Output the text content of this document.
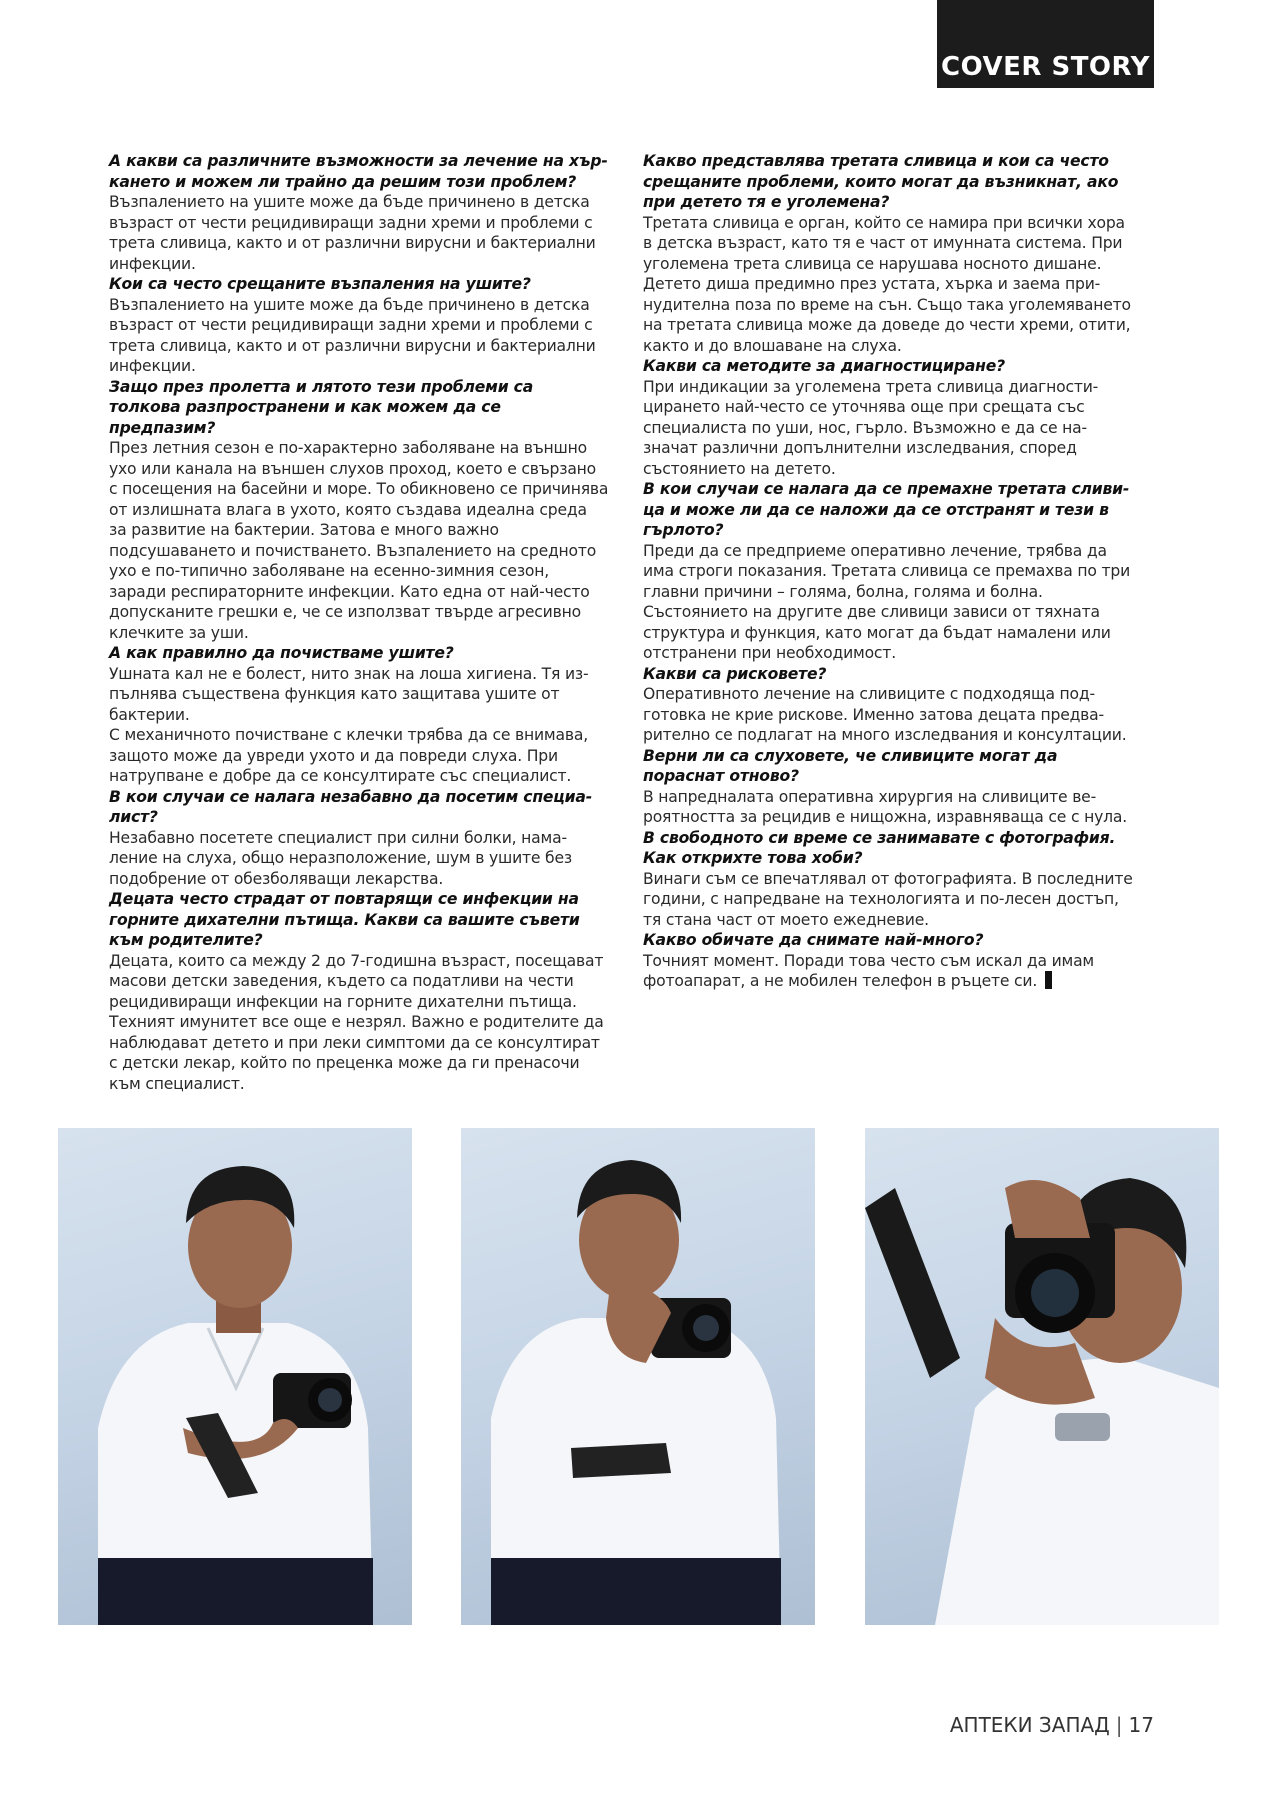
COVER STORY

А какви са различните възможности за лечение на хъркането и можем ли трайно да решим този проблем?

Възпалението на ушите може да бъде причинено в детска възраст от чести рецидивиращи задни хреми и проблеми с трета сливица, както и от различни вирусни и бактериални инфекции.

Кои са често срещаните възпаления на ушите?

Възпалението на ушите може да бъде причинено в детска възраст от чести рецидивиращи задни хреми и проблеми с трета сливица, както и от различни вирусни и бактериални инфекции.

Защо през пролетта и лятото тези проблеми са толкова разпространени и как можем да се предпазим?

През летния сезон е по-характерно заболяване на външно ухо или канала на външен слухов проход, което е свързано с посещения на басейни и море. То обикновено се причинява от излишната влага в ухото, която създава идеална среда за развитие на бактерии. Затова е много важно подсушаването и почистването. Възпалението на средното ухо е по-типично заболяване на есенно-зимния сезон, заради респираторните инфекции. Като една от най-често допусканите грешки е, че се използват твърде агресивно клечките за уши.

А как правилно да почистваме ушите?

Ушната кал не е болест, нито знак на лоша хигиена. Тя изпълнява съществена функция като защитава ушите от бактерии.

С механичното почистване с клечки трябва да се внимава, защото може да увреди ухото и да повреди слуха. При натрупване е добре да се консултирате със специалист.

В кои случаи се налага незабавно да посетим специалист?

Незабавно посетете специалист при силни болки, намаление на слуха, общо неразположение, шум в ушите без подобрение от обезболяващи лекарства.

Децата често страдат от повтарящи се инфекции на горните дихателни пътища. Какви са вашите съвети към родителите?

Децата, които са между 2 до 7-годишна възраст, посещават масови детски заведения, където са податливи на чести рецидивиращи инфекции на горните дихателни пътища. Техният имунитет все още е незрял. Важно е родителите да наблюдават детето и при леки симптоми да се консултират с детски лекар, който по преценка може да ги пренасочи към специалист.

Какво представлява третата сливица и кои са често срещаните проблеми, които могат да възникнат, ако при детето тя е уголемена?

Третата сливица е орган, който се намира при всички хора в детска възраст, като тя е част от имунната система. При уголемена трета сливица се нарушава носното дишане.

Детето диша предимно през устата, хърка и заема принудителна поза по време на сън. Също така уголемяването на третата сливица може да доведе до чести хреми, отити, както и до влошаване на слуха.

Какви са методите за диагностициране?

При индикации за уголемена трета сливица диагностицирането най-често се уточнява още при срещата със специалиста по уши, нос, гърло. Възможно е да се назначат различни допълнителни изследвания, според състоянието на детето.

В кои случаи се налага да се премахне третата сливица и може ли да се наложи да се отстранят и тези в гърлото?

Преди да се предприеме оперативно лечение, трябва да има строги показания. Третата сливица се премахва по три главни причини – голяма, болна, голяма и болна. Състоянието на другите две сливици зависи от тяхната структура и функция, като могат да бъдат намалени или отстранени при необходимост.

Какви са рисковете?

Оперативното лечение на сливиците с подходяща подготовка не крие рискове. Именно затова децата предварително се подлагат на много изследвания и консултации.

Верни ли са слуховете, че сливиците могат да пораснат отново?

В напредналата оперативна хирургия на сливиците вероятността за рецидив е нищожна, изравняваща се с нула.

В свободното си време се занимавате с фотография. Как открихте това хоби?

Винаги съм се впечатлявал от фотографията. В последните години, с напредване на технологията и по-лесен достъп, тя стана част от моето ежедневие.

Какво обичате да снимате най-много?

Точният момент. Поради това често съм искал да имам фотоапарат, а не мобилен телефон в ръцете си.

АПТЕКИ ЗАПАД | 17
